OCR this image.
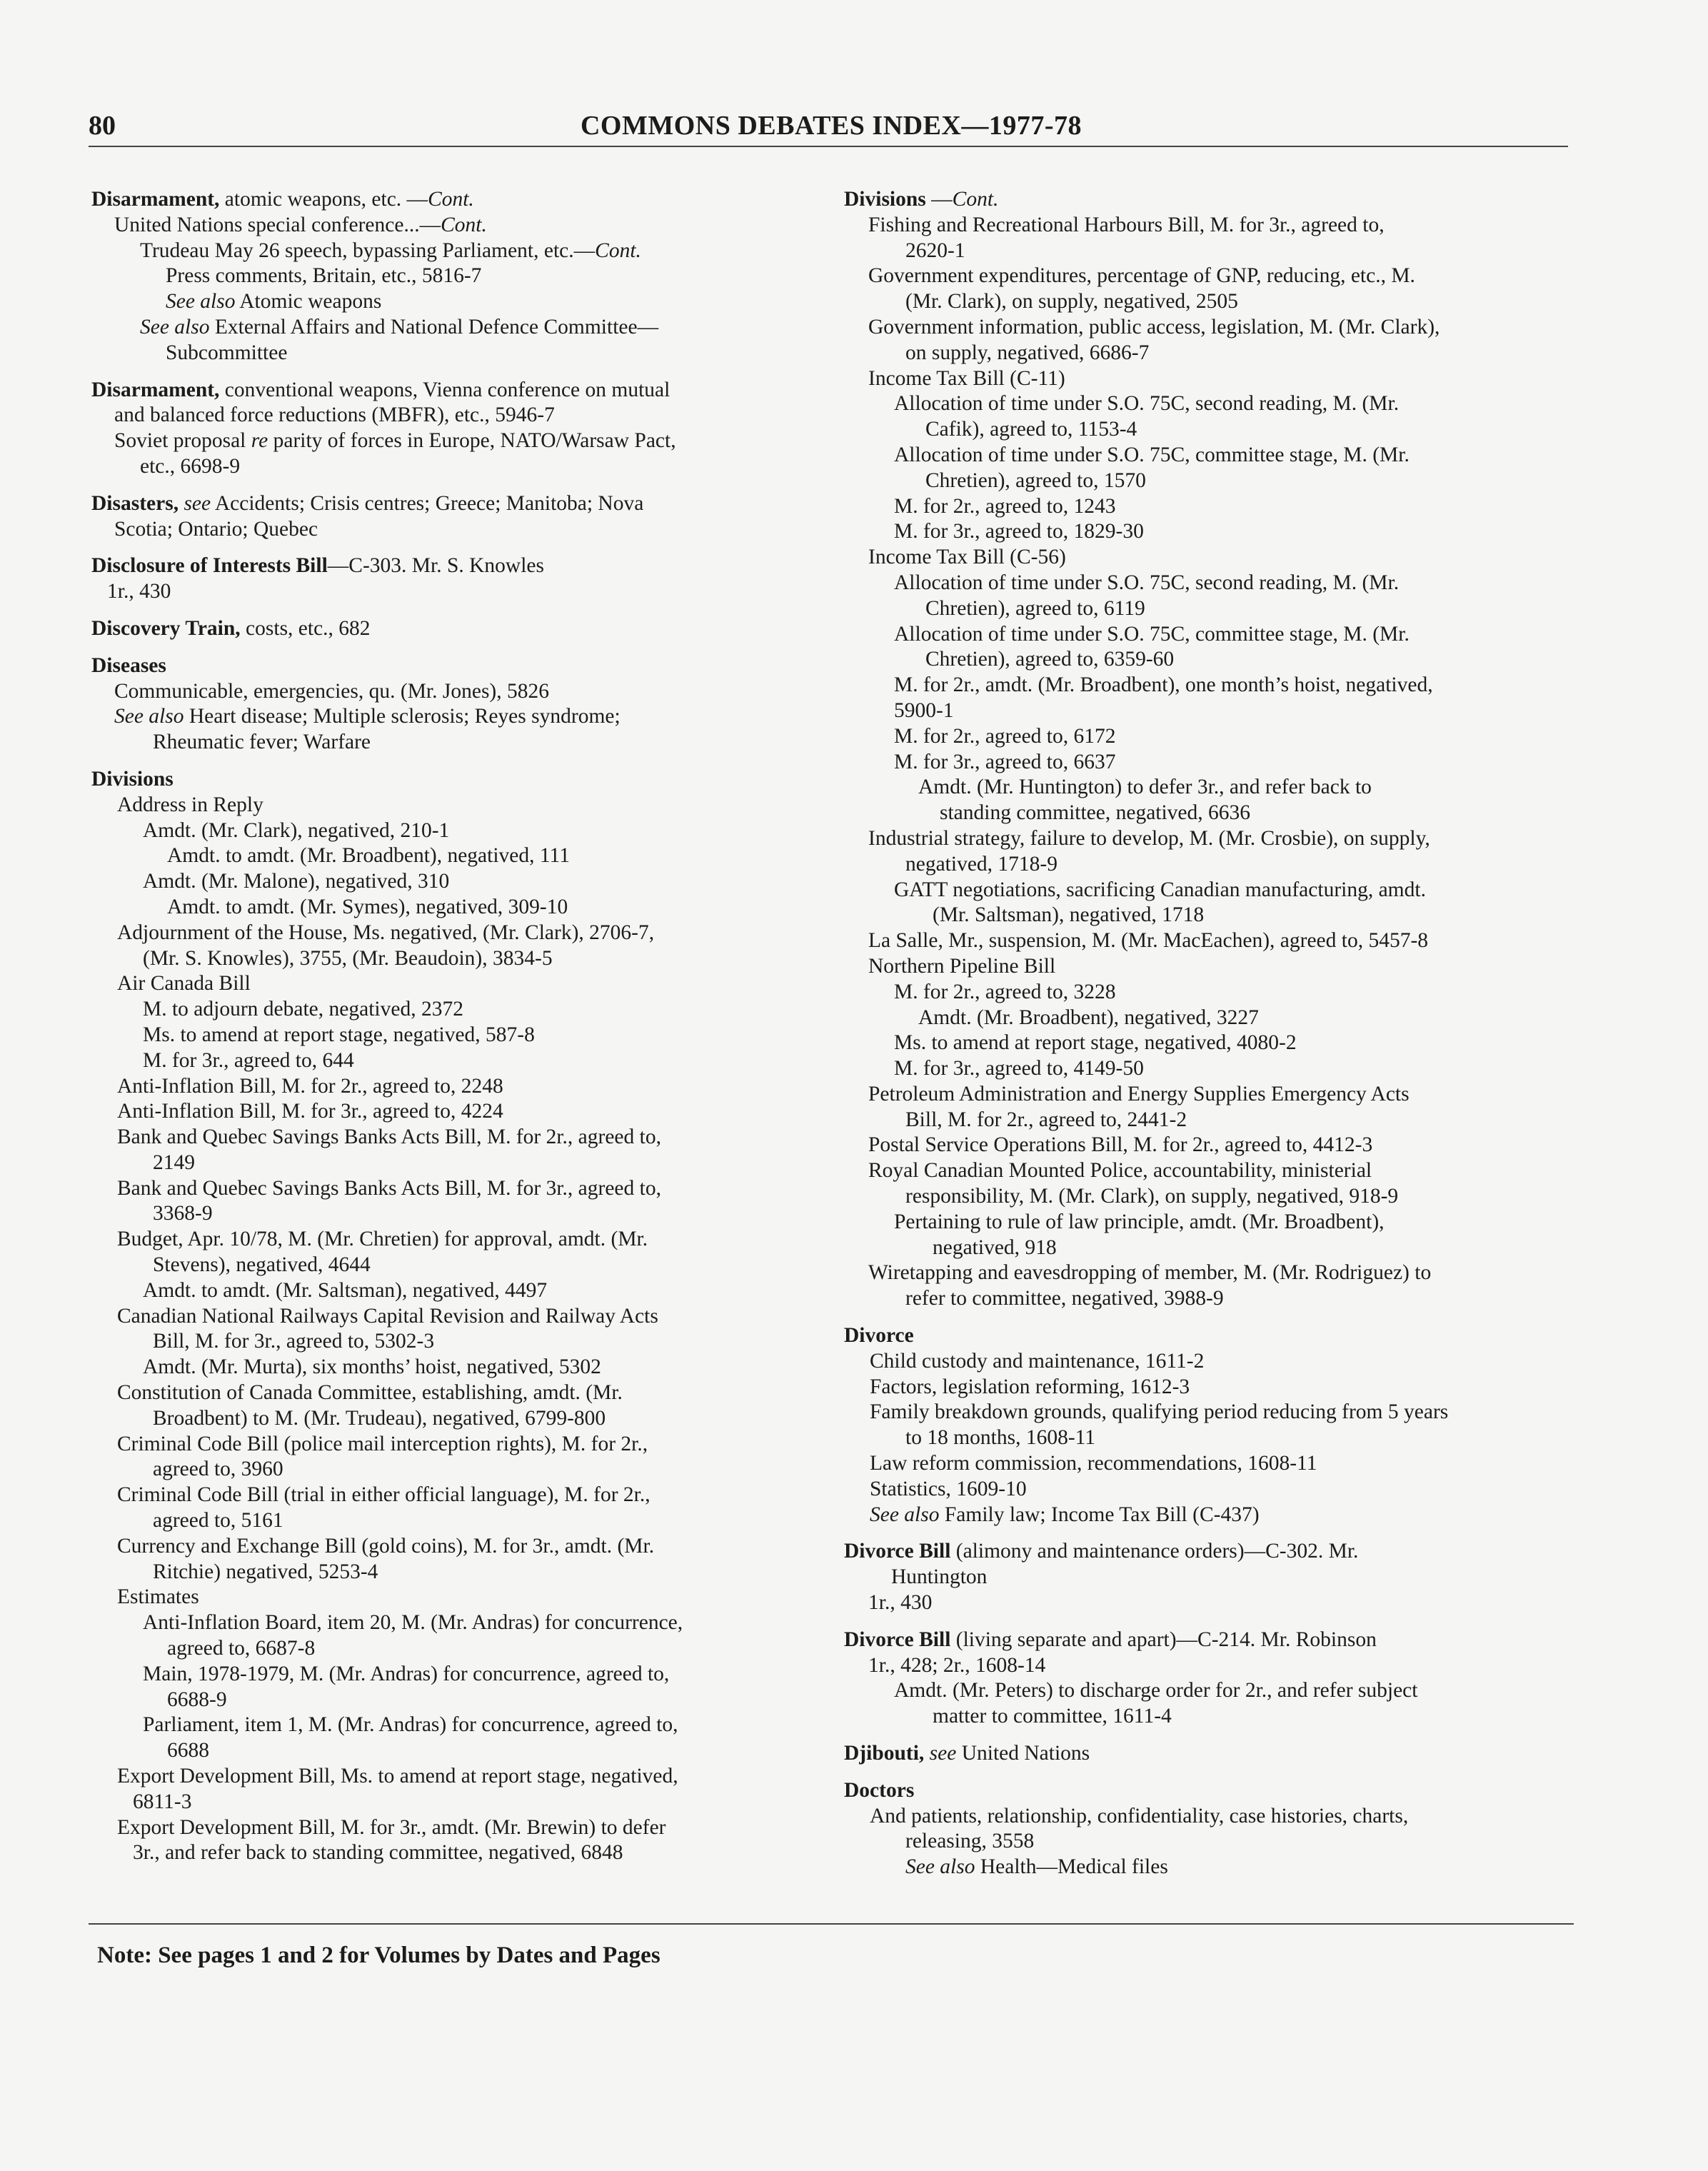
80	COMMONS DEBATES INDEX—1977-78
Disarmament, atomic weapons, etc. —Cont.
United Nations special conference...—Cont.
Trudeau May 26 speech, bypassing Parliament, etc.—Cont.
Press comments, Britain, etc., 5816-7
See also Atomic weapons
See also External Affairs and National Defence Committee—
Subcommittee
Disarmament, conventional weapons, Vienna conference on mutual
and balanced force reductions (MBFR), etc., 5946-7
Soviet proposal re parity of forces in Europe, NATO/Warsaw Pact,
etc., 6698-9
Disasters, see Accidents; Crisis centres; Greece; Manitoba; Nova
Scotia; Ontario; Quebec
Disclosure of Interests Bill—C-303. Mr. S. Knowles
1r., 430
Discovery Train, costs, etc., 682
Diseases
Communicable, emergencies, qu. (Mr. Jones), 5826
See also Heart disease; Multiple sclerosis; Reyes syndrome;
Rheumatic fever; Warfare
Divisions
Address in Reply
Amdt. (Mr. Clark), negatived, 210-1
Amdt. to amdt. (Mr. Broadbent), negatived, 111
Amdt. (Mr. Malone), negatived, 310
Amdt. to amdt. (Mr. Symes), negatived, 309-10
Adjournment of the House, Ms. negatived, (Mr. Clark), 2706-7,
(Mr. S. Knowles), 3755, (Mr. Beaudoin), 3834-5
Air Canada Bill
M. to adjourn debate, negatived, 2372
Ms. to amend at report stage, negatived, 587-8
M. for 3r., agreed to, 644
Anti-Inflation Bill, M. for 2r., agreed to, 2248
Anti-Inflation Bill, M. for 3r., agreed to, 4224
Bank and Quebec Savings Banks Acts Bill, M. for 2r., agreed to,
2149
Bank and Quebec Savings Banks Acts Bill, M. for 3r., agreed to,
3368-9
Budget, Apr. 10/78, M. (Mr. Chretien) for approval, amdt. (Mr.
Stevens), negatived, 4644
Amdt. to amdt. (Mr. Saltsman), negatived, 4497
Canadian National Railways Capital Revision and Railway Acts
Bill, M. for 3r., agreed to, 5302-3
Amdt. (Mr. Murta), six months’ hoist, negatived, 5302
Constitution of Canada Committee, establishing, amdt. (Mr.
Broadbent) to M. (Mr. Trudeau), negatived, 6799-800
Criminal Code Bill (police mail interception rights), M. for 2r.,
agreed to, 3960
Criminal Code Bill (trial in either official language), M. for 2r.,
agreed to, 5161
Currency and Exchange Bill (gold coins), M. for 3r., amdt. (Mr.
Ritchie) negatived, 5253-4
Estimates
Anti-Inflation Board, item 20, M. (Mr. Andras) for concurrence,
agreed to, 6687-8
Main, 1978-1979, M. (Mr. Andras) for concurrence, agreed to,
6688-9
Parliament, item 1, M. (Mr. Andras) for concurrence, agreed to,
6688
Export Development Bill, Ms. to amend at report stage, negatived,
6811-3
Export Development Bill, M. for 3r., amdt. (Mr. Brewin) to defer
3r., and refer back to standing committee, negatived, 6848
Divisions —Cont.
Fishing and Recreational Harbours Bill, M. for 3r., agreed to,
2620-1
Government expenditures, percentage of GNP, reducing, etc., M.
(Mr. Clark), on supply, negatived, 2505
Government information, public access, legislation, M. (Mr. Clark),
on supply, negatived, 6686-7
Income Tax Bill (C-11)
Allocation of time under S.O. 75C, second reading, M. (Mr.
Cafik), agreed to, 1153-4
Allocation of time under S.O. 75C, committee stage, M. (Mr.
Chretien), agreed to, 1570
M. for 2r., agreed to, 1243
M. for 3r., agreed to, 1829-30
Income Tax Bill (C-56)
Allocation of time under S.O. 75C, second reading, M. (Mr.
Chretien), agreed to, 6119
Allocation of time under S.O. 75C, committee stage, M. (Mr.
Chretien), agreed to, 6359-60
M. for 2r., amdt. (Mr. Broadbent), one month’s hoist, negatived,
5900-1
M. for 2r., agreed to, 6172
M. for 3r., agreed to, 6637
Amdt. (Mr. Huntington) to defer 3r., and refer back to
standing committee, negatived, 6636
Industrial strategy, failure to develop, M. (Mr. Crosbie), on supply,
negatived, 1718-9
GATT negotiations, sacrificing Canadian manufacturing, amdt.
(Mr. Saltsman), negatived, 1718
La Salle, Mr., suspension, M. (Mr. MacEachen), agreed to, 5457-8
Northern Pipeline Bill
M. for 2r., agreed to, 3228
Amdt. (Mr. Broadbent), negatived, 3227
Ms. to amend at report stage, negatived, 4080-2
M. for 3r., agreed to, 4149-50
Petroleum Administration and Energy Supplies Emergency Acts
Bill, M. for 2r., agreed to, 2441-2
Postal Service Operations Bill, M. for 2r., agreed to, 4412-3
Royal Canadian Mounted Police, accountability, ministerial
responsibility, M. (Mr. Clark), on supply, negatived, 918-9
Pertaining to rule of law principle, amdt. (Mr. Broadbent),
negatived, 918
Wiretapping and eavesdropping of member, M. (Mr. Rodriguez) to
refer to committee, negatived, 3988-9
Divorce
Child custody and maintenance, 1611-2
Factors, legislation reforming, 1612-3
Family breakdown grounds, qualifying period reducing from 5 years
to 18 months, 1608-11
Law reform commission, recommendations, 1608-11
Statistics, 1609-10
See also Family law; Income Tax Bill (C-437)
Divorce Bill (alimony and maintenance orders)—C-302. Mr.
Huntington
1r., 430
Divorce Bill (living separate and apart)—C-214. Mr. Robinson
1r., 428; 2r., 1608-14
Amdt. (Mr. Peters) to discharge order for 2r., and refer subject
matter to committee, 1611-4
Djibouti, see United Nations
Doctors
And patients, relationship, confidentiality, case histories, charts,
releasing, 3558
See also Health—Medical files
Note: See pages 1 and 2 for Volumes by Dates and Pages
